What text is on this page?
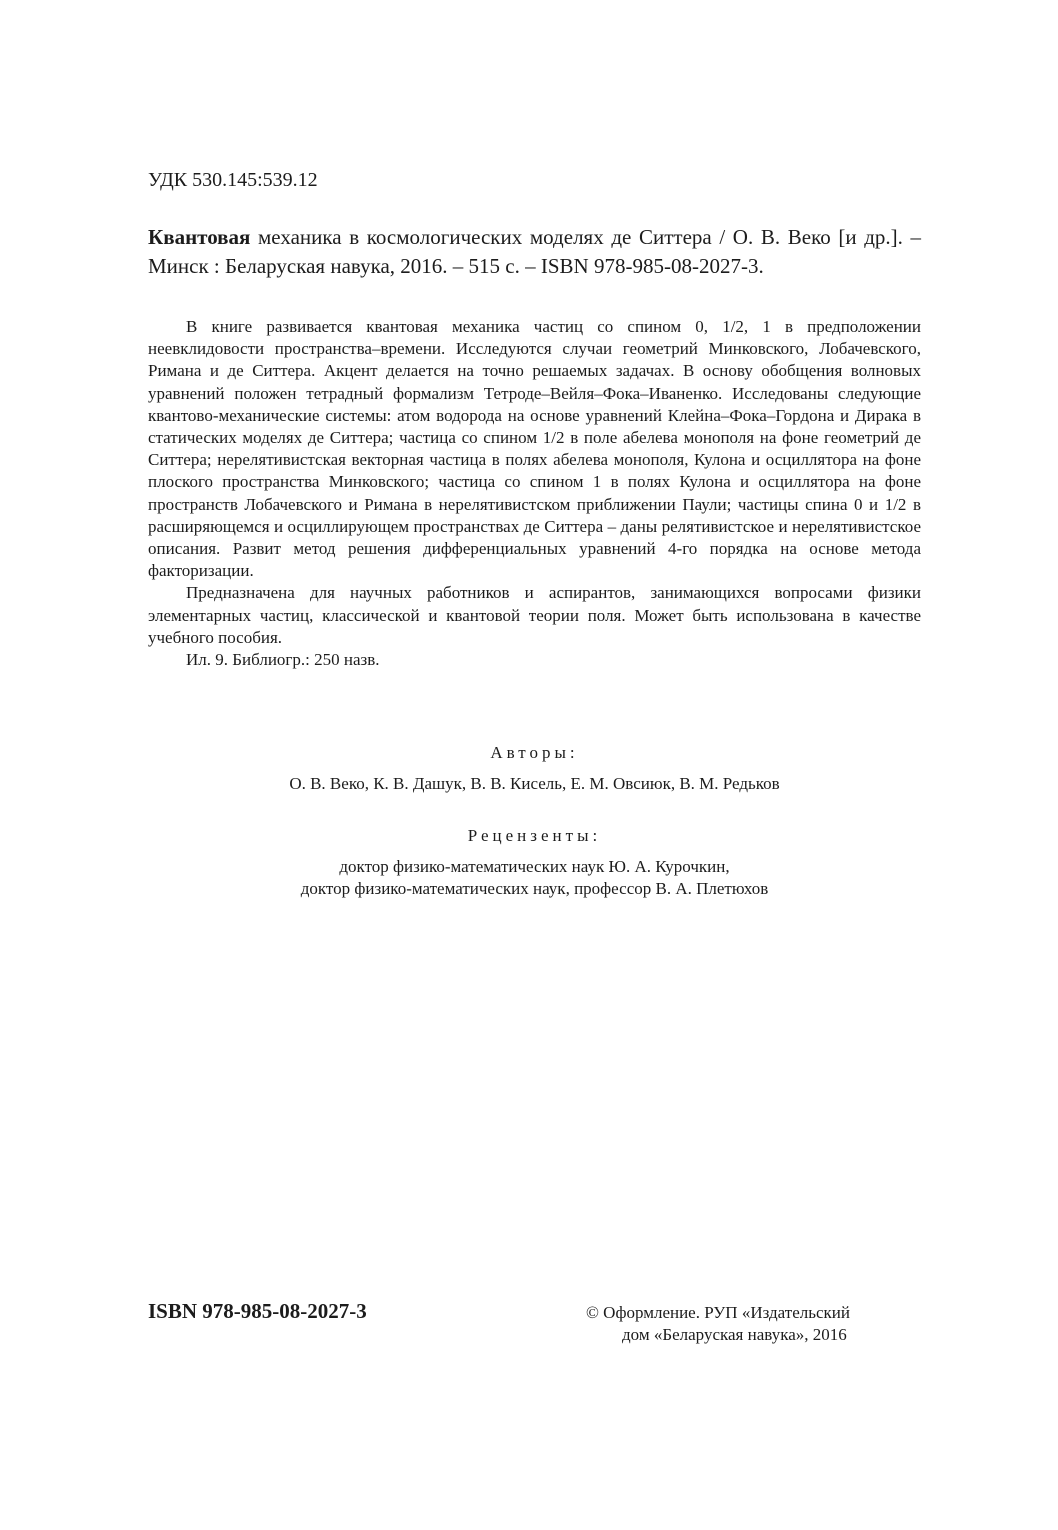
УДК 530.145:539.12
Квантовая механика в космологических моделях де Ситтера / О. В. Веко [и др.]. – Минск : Беларуская навука, 2016. – 515 с. – ISBN 978-985-08-2027-3.

В книге развивается квантовая механика частиц со спином 0, 1/2, 1 в предположении неевклидовости пространства–времени. Исследуются случаи геометрий Минковского, Лобачевского, Римана и де Ситтера. Акцент делается на точно решаемых задачах. В основу обобщения волновых уравнений положен тетрадный формализм Тетроде–Вейля–Фока–Иваненко. Исследованы следующие квантово-механические системы: атом водорода на основе уравнений Клейна–Фока–Гордона и Дирака в статических моделях де Ситтера; частица со спином 1/2 в поле абелева монополя на фоне геометрий де Ситтера; нерелятивистская векторная частица в полях абелева монополя, Кулона и осциллятора на фоне плоского пространства Минковского; частица со спином 1 в полях Кулона и осциллятора на фоне пространств Лобачевского и Римана в нерелятивистском приближении Паули; частицы спина 0 и 1/2 в расширяющемся и осциллирующем пространствах де Ситтера – даны релятивистское и нерелятивистское описания. Развит метод решения дифференциальных уравнений 4-го порядка на основе метода факторизации.

Предназначена для научных работников и аспирантов, занимающихся вопросами физики элементарных частиц, классической и квантовой теории поля. Может быть использована в качестве учебного пособия.

Ил. 9. Библиогр.: 250 назв.

Авторы:
О. В. Веко, К. В. Дашук, В. В. Кисель, Е. М. Овсиюк, В. М. Редьков
Рецензенты:
доктор физико-математических наук Ю. А. Курочкин,
доктор физико-математических наук, профессор В. А. Плетюхов
ISBN 978-985-08-2027-3	© Оформление. РУП «Издательский
дом «Беларуская навука», 2016
